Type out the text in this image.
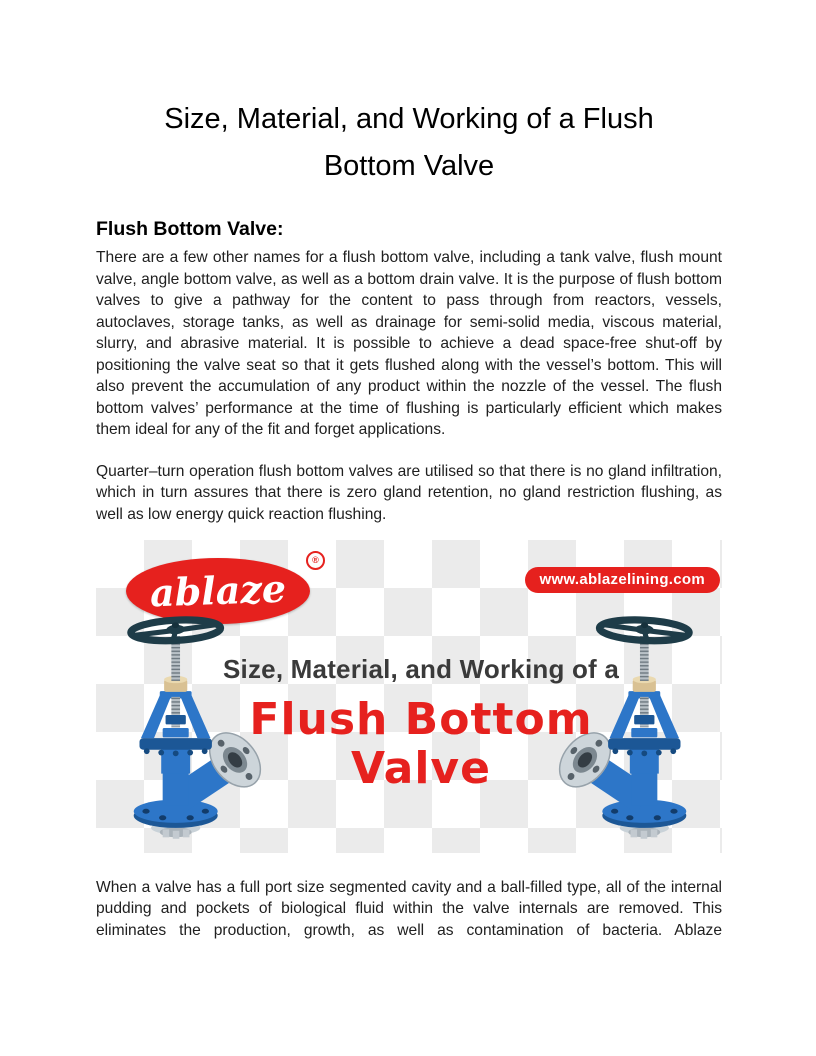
Size, Material, and Working of a Flush
Bottom Valve
Flush Bottom Valve:

There are a few other names for a flush bottom valve, including a tank valve, flush mount valve, angle bottom valve, as well as a bottom drain valve. It is the purpose of flush bottom valves to give a pathway for the content to pass through from reactors, vessels, autoclaves, storage tanks, as well as drainage for semi-solid media, viscous material, slurry, and abrasive material. It is possible to achieve a dead space-free shut-off by positioning the valve seat so that it gets flushed along with the vessel’s bottom. This will also prevent the accumulation of any product within the nozzle of the vessel. The flush bottom valves’ performance at the time of flushing is particularly efficient which makes them ideal for any of the fit and forget applications.

Quarter–turn operation flush bottom valves are utilised so that there is no gland infiltration, which in turn assures that there is zero gland retention, no gland restriction flushing, as well as low energy quick reaction flushing.

ablaze
®
www.ablazelining.com
Size, Material, and Working of a
Flush Bottom
Valve

When a valve has a full port size segmented cavity and a ball-filled type, all of the internal pudding and pockets of biological fluid within the valve internals are removed. This eliminates the production, growth, as well as contamination of bacteria. Ablaze
